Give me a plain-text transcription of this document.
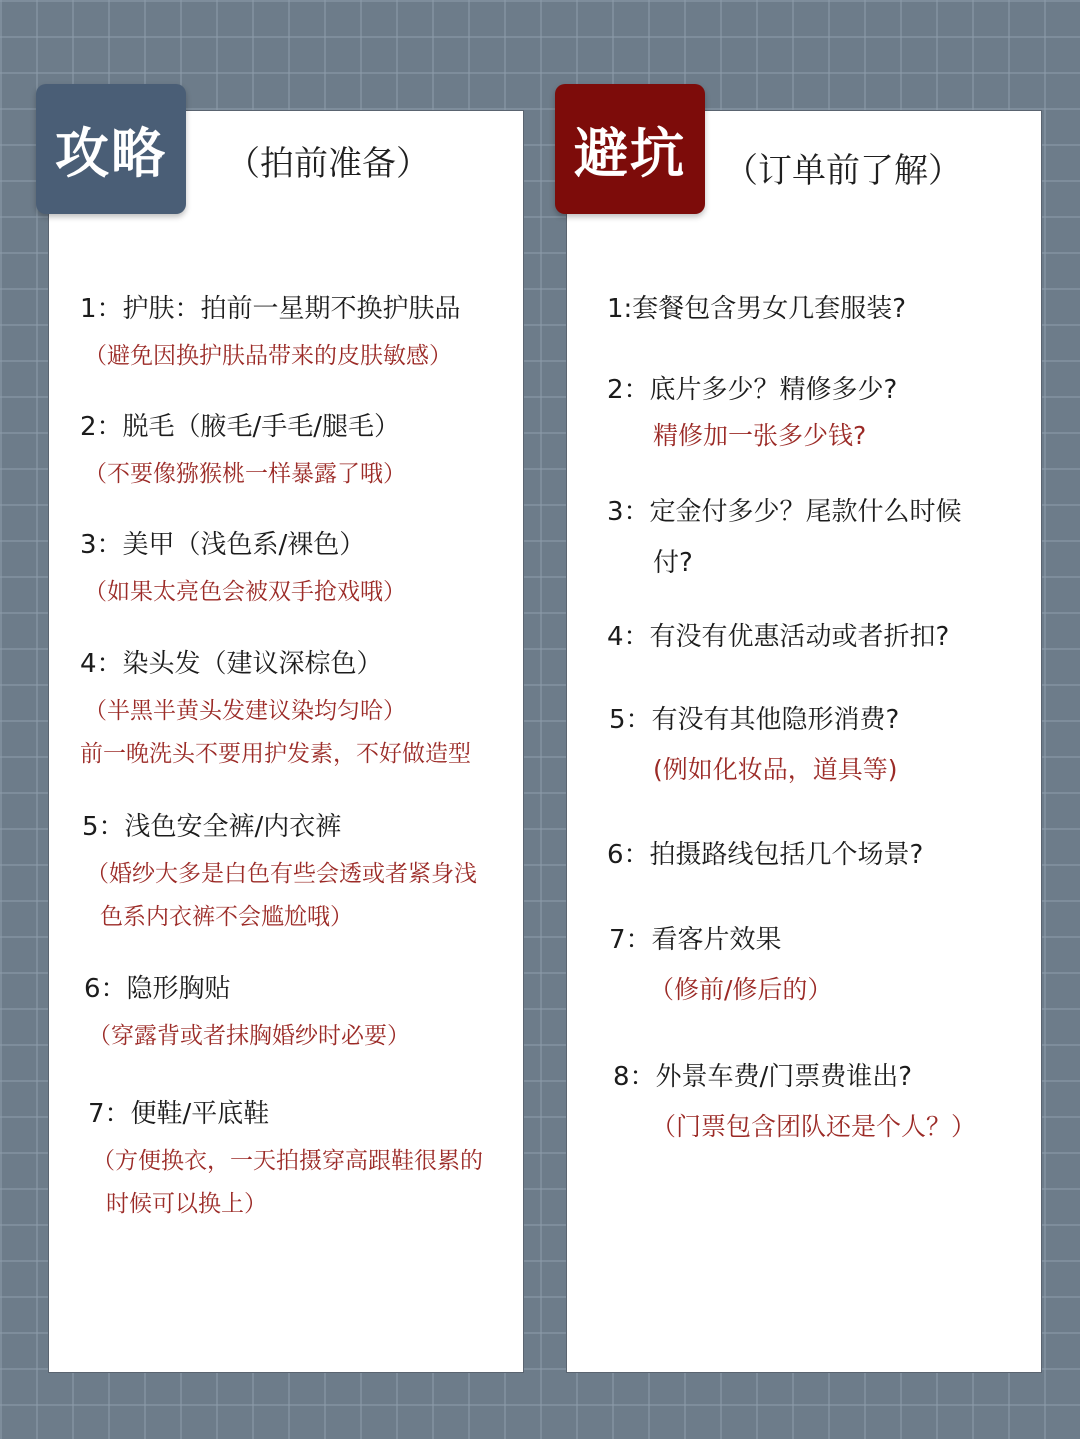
攻略	避坑
（拍前准备）	（订单前了解）
1：护肤：拍前一星期不换护肤品
（避免因换护肤品带来的皮肤敏感）
2：脱毛（腋毛/手毛/腿毛）
（不要像猕猴桃一样暴露了哦）
3：美甲（浅色系/裸色）
（如果太亮色会被双手抢戏哦）
4：染头发（建议深棕色）
（半黑半黄头发建议染均匀哈）
前一晚洗头不要用护发素，不好做造型
5：浅色安全裤/内衣裤
（婚纱大多是白色有些会透或者紧身浅
色系内衣裤不会尴尬哦）
6：隐形胸贴
（穿露背或者抹胸婚纱时必要）
7：便鞋/平底鞋
（方便换衣，一天拍摄穿高跟鞋很累的
时候可以换上）
1:套餐包含男女几套服装?
2：底片多少？精修多少?
精修加一张多少钱?
3：定金付多少？尾款什么时候
付?
4：有没有优惠活动或者折扣?
5：有没有其他隐形消费?
(例如化妆品，道具等)
6：拍摄路线包括几个场景?
7：看客片效果
（修前/修后的）
8：外景车费/门票费谁出?
（门票包含团队还是个人？）
